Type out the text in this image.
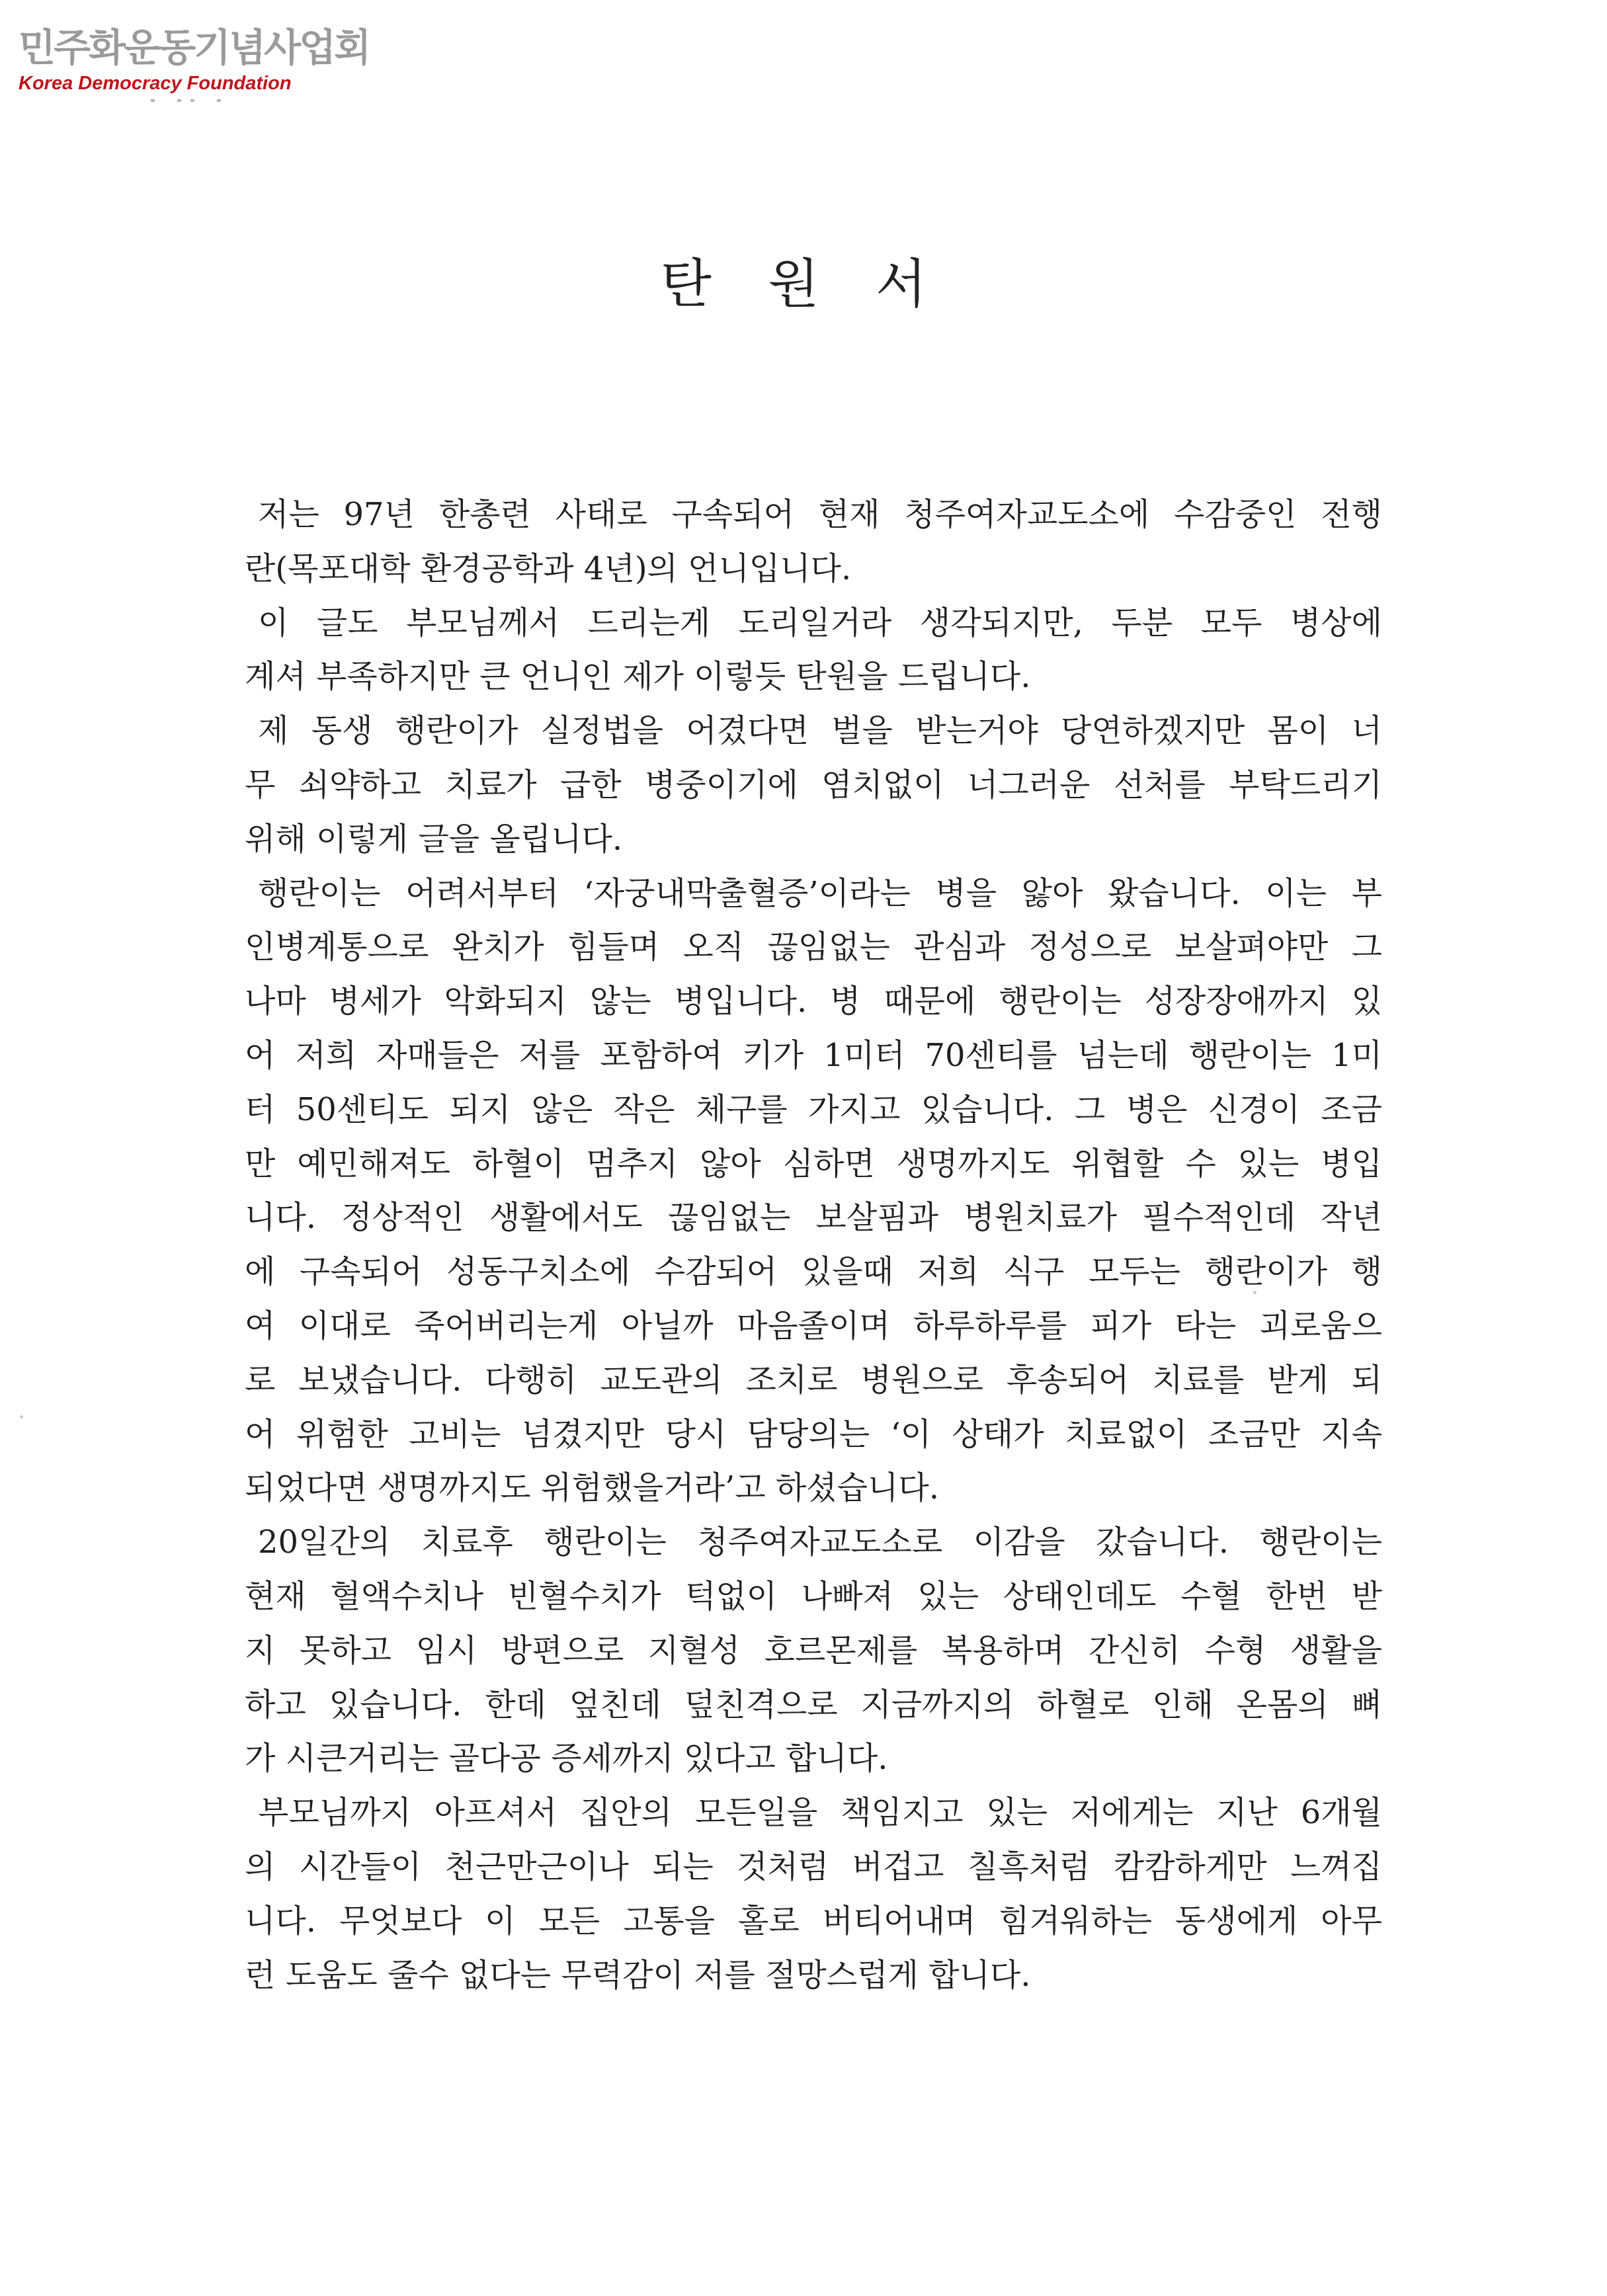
민주화운동기념사업회
Korea Democracy Foundation
탄 원 서
저는 97년 한총련 사태로 구속되어 현재 청주여자교도소에 수감중인 전행
란(목포대학 환경공학과 4년)의 언니입니다.
이 글도 부모님께서 드리는게 도리일거라 생각되지만, 두분 모두 병상에
계셔 부족하지만 큰 언니인 제가 이렇듯 탄원을 드립니다.
제 동생 행란이가 실정법을 어겼다면 벌을 받는거야 당연하겠지만 몸이 너
무 쇠약하고 치료가 급한 병중이기에 염치없이 너그러운 선처를 부탁드리기
위해 이렇게 글을 올립니다.
행란이는 어려서부터 ‘자궁내막출혈증’이라는 병을 앓아 왔습니다. 이는 부
인병계통으로 완치가 힘들며 오직 끊임없는 관심과 정성으로 보살펴야만 그
나마 병세가 악화되지 않는 병입니다. 병 때문에 행란이는 성장장애까지 있
어 저희 자매들은 저를 포함하여 키가 1미터 70센티를 넘는데 행란이는 1미
터 50센티도 되지 않은 작은 체구를 가지고 있습니다. 그 병은 신경이 조금
만 예민해져도 하혈이 멈추지 않아 심하면 생명까지도 위협할 수 있는 병입
니다. 정상적인 생활에서도 끊임없는 보살핌과 병원치료가 필수적인데 작년
에 구속되어 성동구치소에 수감되어 있을때 저희 식구 모두는 행란이가 행
여 이대로 죽어버리는게 아닐까 마음졸이며 하루하루를 피가 타는 괴로움으
로 보냈습니다. 다행히 교도관의 조치로 병원으로 후송되어 치료를 받게 되
어 위험한 고비는 넘겼지만 당시 담당의는 ‘이 상태가 치료없이 조금만 지속
되었다면 생명까지도 위험했을거라’고 하셨습니다.
20일간의 치료후 행란이는 청주여자교도소로 이감을 갔습니다. 행란이는
현재 혈액수치나 빈혈수치가 턱없이 나빠져 있는 상태인데도 수혈 한번 받
지 못하고 임시 방편으로 지혈성 호르몬제를 복용하며 간신히 수형 생활을
하고 있습니다. 한데 엎친데 덮친격으로 지금까지의 하혈로 인해 온몸의 뼈
가 시큰거리는 골다공 증세까지 있다고 합니다.
부모님까지 아프셔서 집안의 모든일을 책임지고 있는 저에게는 지난 6개월
의 시간들이 천근만근이나 되는 것처럼 버겁고 칠흑처럼 캄캄하게만 느껴집
니다. 무엇보다 이 모든 고통을 홀로 버티어내며 힘겨워하는 동생에게 아무
런 도움도 줄수 없다는 무력감이 저를 절망스럽게 합니다.
